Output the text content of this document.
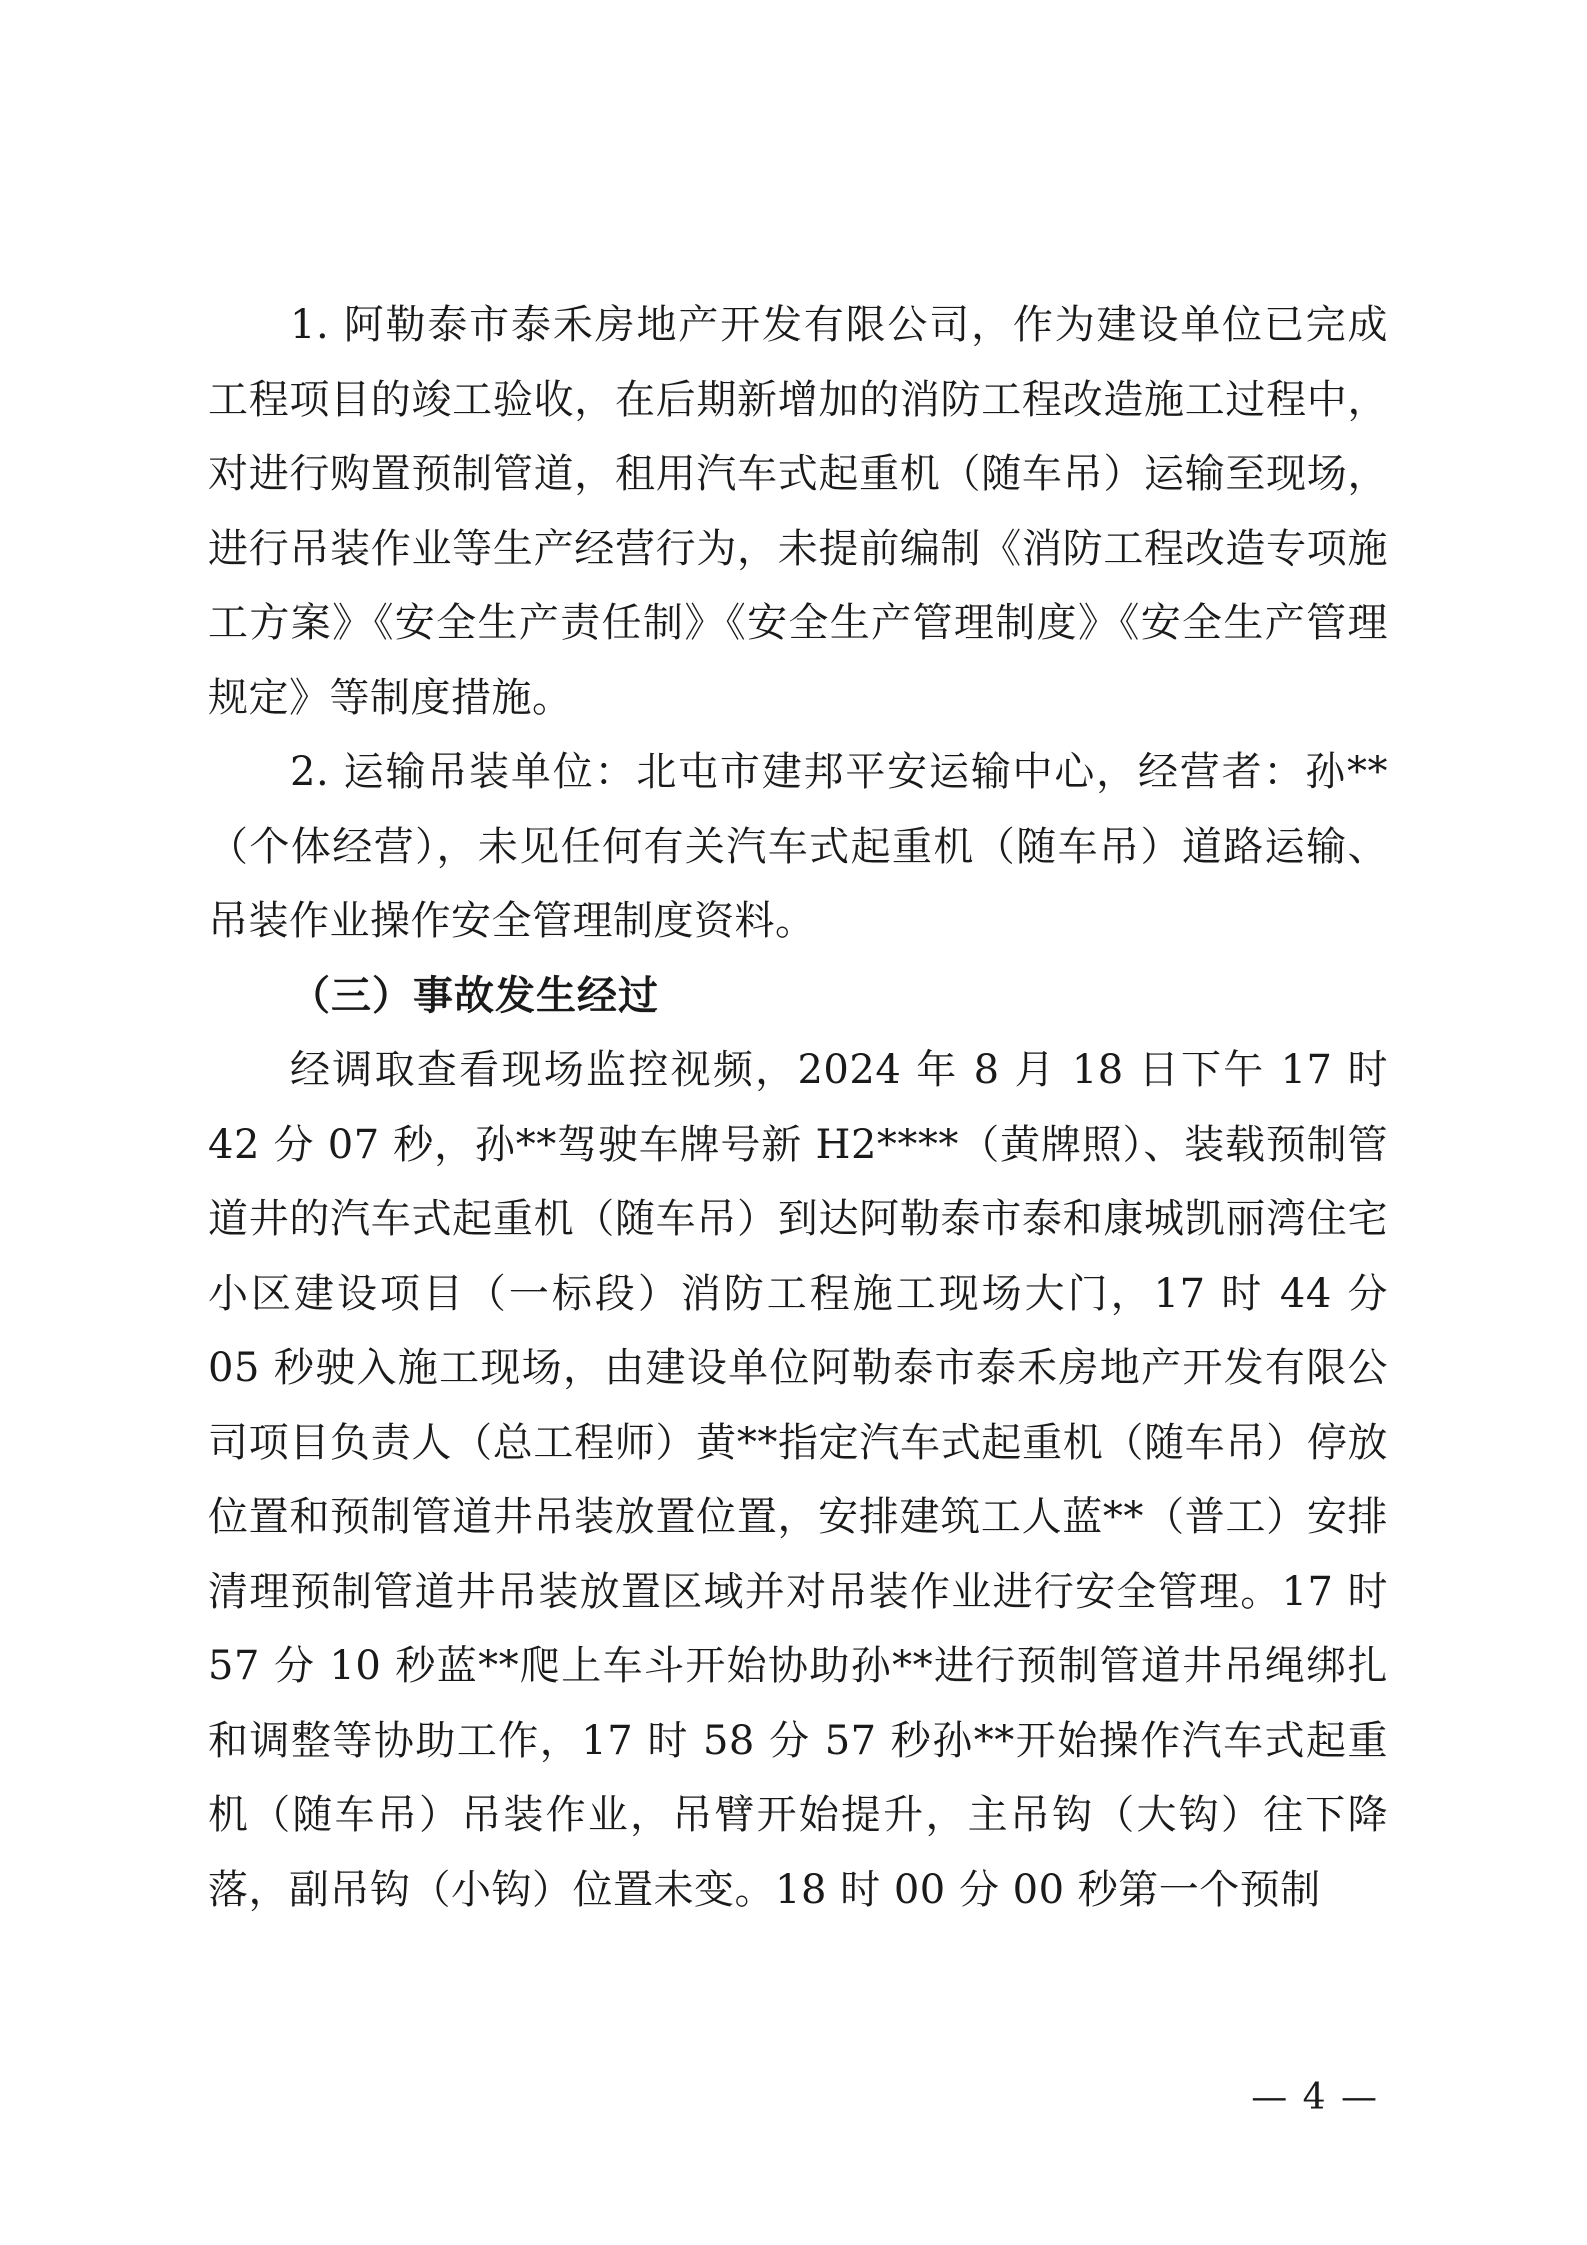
1. 阿勒泰市泰禾房地产开发有限公司，作为建设单位已完成工程项目的竣工验收，在后期新增加的消防工程改造施工过程中，对进行购置预制管道，租用汽车式起重机（随车吊）运输至现场，进行吊装作业等生产经营行为，未提前编制《消防工程改造专项施工方案》《安全生产责任制》《安全生产管理制度》《安全生产管理规定》等制度措施。

2. 运输吊装单位：北屯市建邦平安运输中心，经营者：孙**（个体经营），未见任何有关汽车式起重机（随车吊）道路运输、吊装作业操作安全管理制度资料。

（三）事故发生经过

经调取查看现场监控视频，2024 年 8 月 18 日下午 17 时 42 分 07 秒，孙**驾驶车牌号新 H2****（黄牌照）、装载预制管道井的汽车式起重机（随车吊）到达阿勒泰市泰和康城凯丽湾住宅小区建设项目（一标段）消防工程施工现场大门，17 时 44 分 05 秒驶入施工现场，由建设单位阿勒泰市泰禾房地产开发有限公司项目负责人（总工程师）黄**指定汽车式起重机（随车吊）停放位置和预制管道井吊装放置位置，安排建筑工人蓝**（普工）安排清理预制管道井吊装放置区域并对吊装作业进行安全管理。17 时 57 分 10 秒蓝**爬上车斗开始协助孙**进行预制管道井吊绳绑扎和调整等协助工作，17 时 58 分 57 秒孙**开始操作汽车式起重机（随车吊）吊装作业，吊臂开始提升，主吊钩（大钩）往下降落，副吊钩（小钩）位置未变。18 时 00 分 00 秒第一个预制

— 4 —
